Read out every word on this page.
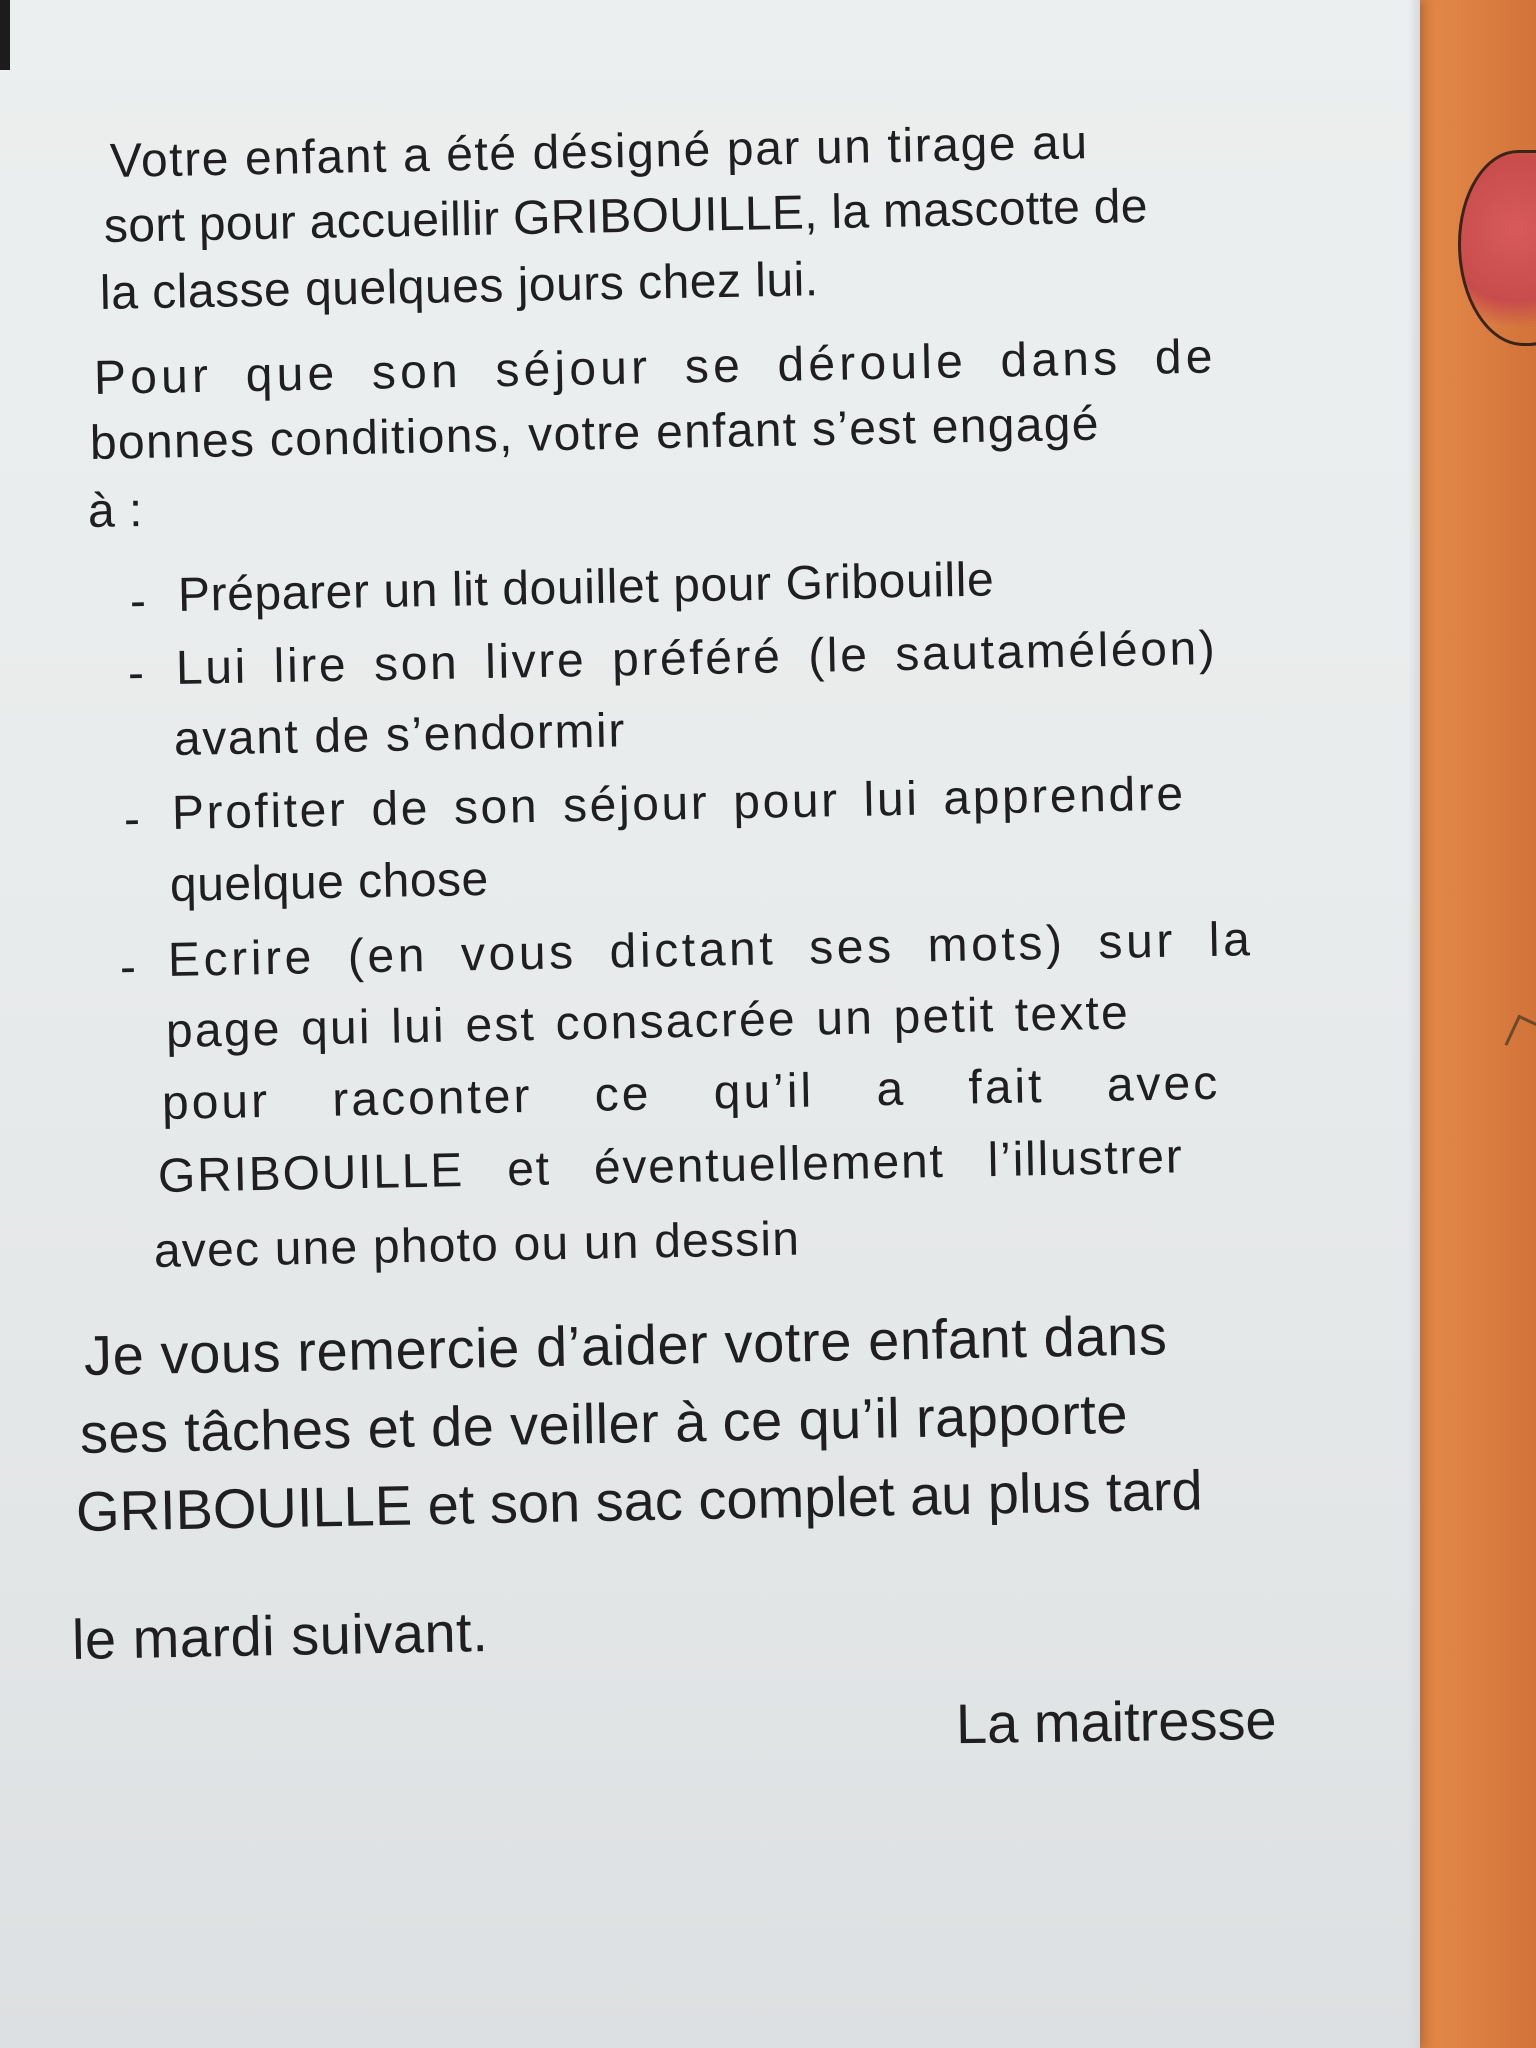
Votre enfant a été désigné par un tirage au
sort pour accueillir GRIBOUILLE, la mascotte de
la classe quelques jours chez lui.
Pour que son séjour se déroule dans de
bonnes conditions, votre enfant s’est engagé
à :
- Préparer un lit douillet pour Gribouille
- Lui lire son livre préféré (le sautaméléon)
avant de s’endormir
- Profiter de son séjour pour lui apprendre
quelque chose
- Ecrire (en vous dictant ses mots) sur la
page qui lui est consacrée un petit texte
pour raconter ce qu’il a fait avec
GRIBOUILLE et éventuellement l’illustrer
avec une photo ou un dessin
Je vous remercie d’aider votre enfant dans
ses tâches et de veiller à ce qu’il rapporte
GRIBOUILLE et son sac complet au plus tard
le mardi suivant.
La maitresse
